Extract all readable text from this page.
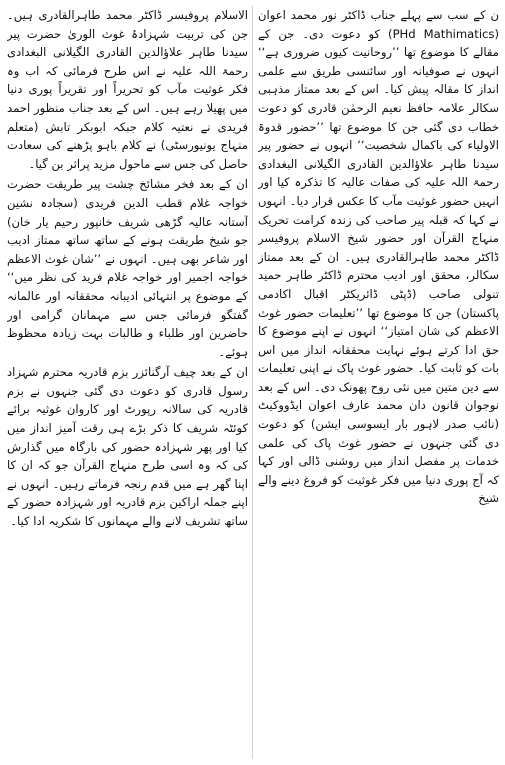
ن کے سب سے پہلے جناب ڈاکٹر نور محمد اعوان (PHd Mathimatics) کو دعوت دی۔ جن کے مقالے کا موضوع تھا ’’روحانیت کیوں ضروری ہے‘‘ انہوں نے صوفیانہ اور سائنسی طریق سے علمی انداز کا مقالہ پیش کیا۔ اس کے بعد ممتاز مذہبی سکالر علامہ حافظ نعیم الرحمٰن قادری کو دعوت خطاب دی گئی جن کا موضوع تھا ’’حضور قدوۃ الاولیاء کی باکمال شخصیت‘‘ انہوں نے حضور پیر سیدنا طاہر علاؤالدین القادری الگیلانی البغدادی رحمۃ اللہ علیہ کی صفات عالیہ کا تذکرہ کیا اور انہیں حضور غوثیت مآب کا عکس قرار دیا۔ انہوں نے کہا کہ قبلہ پیر صاحب کی زندہ کرامت تحریک منہاج القرآن اور حضور شیخ الاسلام پروفیسر ڈاکٹر محمد طاہرالقادری ہیں۔ ان کے بعد ممتاز سکالر، محقق اور ادیب محترم ڈاکٹر طاہر حمید تنولی صاحب (ڈپٹی ڈائریکٹر اقبال اکادمی پاکستان) جن کا موضوع تھا ’’تعلیمات حضور غوث الاعظم کی شان امتیاز‘‘ انہوں نے اپنے موضوع کا حق ادا کرتے ہوئے نہایت محققانہ انداز میں اس بات کو ثابت کیا۔ حضور غوث پاک نے اپنی تعلیمات سے دین متین میں نئی روح پھونک دی۔ اس کے بعد نوجوان قانون دان محمد عارف اعوان ایڈووکیٹ (نائب صدر لاہور بار ایسوسی ایشن) کو دعوت دی گئی جنہوں نے حضور غوث پاک کی علمی خدمات پر مفصل انداز میں روشنی ڈالی اور کہا کہ آج پوری دنیا میں فکر غوثیت کو فروغ دینے والے شیخ

الاسلام پروفیسر ڈاکٹر محمد طاہرالقادری ہیں۔ جن کی تربیت شہزادۂ غوث الوریٰ حضرت پیر سیدنا طاہر علاؤالدین القادری الگیلانی البغدادی رحمۃ اللہ علیہ نے اس طرح فرمائی کہ اب وہ فکر غوثیت مآب کو تحریراً اور تقریراً پوری دنیا میں پھیلا رہے ہیں۔ اس کے بعد جناب منظور احمد فریدی نے نعتیہ کلام جبکہ ابوبکر تابش (متعلم منہاج یونیورسٹی) نے کلام باہو پڑھنے کی سعادت حاصل کی جس سے ماحول مزید پراثر بن گیا۔

ان کے بعد فخر مشائخ چشت پیر طریقت حضرت خواجہ غلام قطب الدین فریدی (سجادہ نشین آستانہ عالیہ گڑھی شریف خانپور رحیم یار خان) جو شیخ طریقت ہونے کے ساتھ ساتھ ممتاز ادیب اور شاعر بھی ہیں۔ انہوں نے ’’شان غوث الاعظم خواجہ اجمیر اور خواجہ غلام فرید کی نظر میں‘‘ کے موضوع پر انتہائی ادیبانہ محققانہ اور عالمانہ گفتگو فرمائی جس سے مہمانان گرامی اور حاضرین اور طلباء و طالبات بہت زیادہ محظوظ ہوئے۔

ان کے بعد چیف آرگنائزر بزم قادریہ محترم شہزاد رسول قادری کو دعوت دی گئی جنہوں نے بزم قادریہ کی سالانہ رپورٹ اور کاروان غوثیہ برائے کوئٹہ شریف کا ذکر بڑے ہی رقت آمیز انداز میں کیا اور پھر شہزادہ حضور کی بارگاہ میں گذارش کی کہ وہ اسی طرح منہاج القرآن جو کہ ان کا اپنا گھر ہے میں قدم رنجہ فرماتے رہیں۔ انہوں نے اپنے جملہ اراکین بزم قادریہ اور شہزادہ حضور کے ساتھ تشریف لانے والے مہمانوں کا شکریہ ادا کیا۔
